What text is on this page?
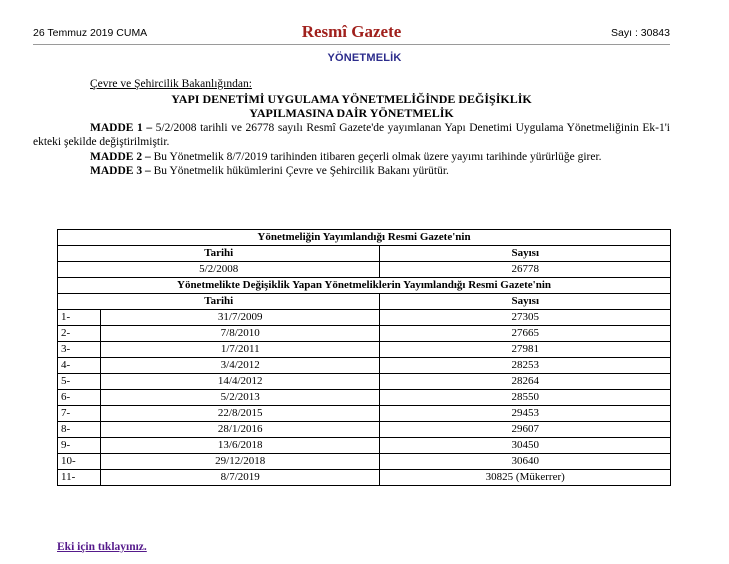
26 Temmuz 2019 CUMA	Resmî Gazete	Sayı : 30843
YÖNETMELİK
Çevre ve Şehircilik Bakanlığından:
YAPI DENETİMİ UYGULAMA YÖNETMELİĞİNDE DEĞİŞİKLİK
YAPILMASINA DAİR YÖNETMELİK

MADDE 1 – 5/2/2008 tarihli ve 26778 sayılı Resmî Gazete'de yayımlanan Yapı Denetimi Uygulama Yönetmeliğinin Ek-1'i ekteki şekilde değiştirilmiştir.

MADDE 2 – Bu Yönetmelik 8/7/2019 tarihinden itibaren geçerli olmak üzere yayımı tarihinde yürürlüğe girer.

MADDE 3 – Bu Yönetmelik hükümlerini Çevre ve Şehircilik Bakanı yürütür.

Yönetmeliğin Yayımlandığı Resmi Gazete'nin		
Tarihi		Sayısı
5/2/2008		26778
Yönetmelikte Değişiklik Yapan Yönetmeliklerin Yayımlandığı Resmi Gazete'nin		
Tarihi		Sayısı
1-	31/7/2009	27305
2-	7/8/2010	27665
3-	1/7/2011	27981
4-	3/4/2012	28253
5-	14/4/2012	28264
6-	5/2/2013	28550
7-	22/8/2015	29453
8-	28/1/2016	29607
9-	13/6/2018	30450
10-	29/12/2018	30640
11-	8/7/2019	30825 (Mükerrer)
Eki için tıklayınız.
